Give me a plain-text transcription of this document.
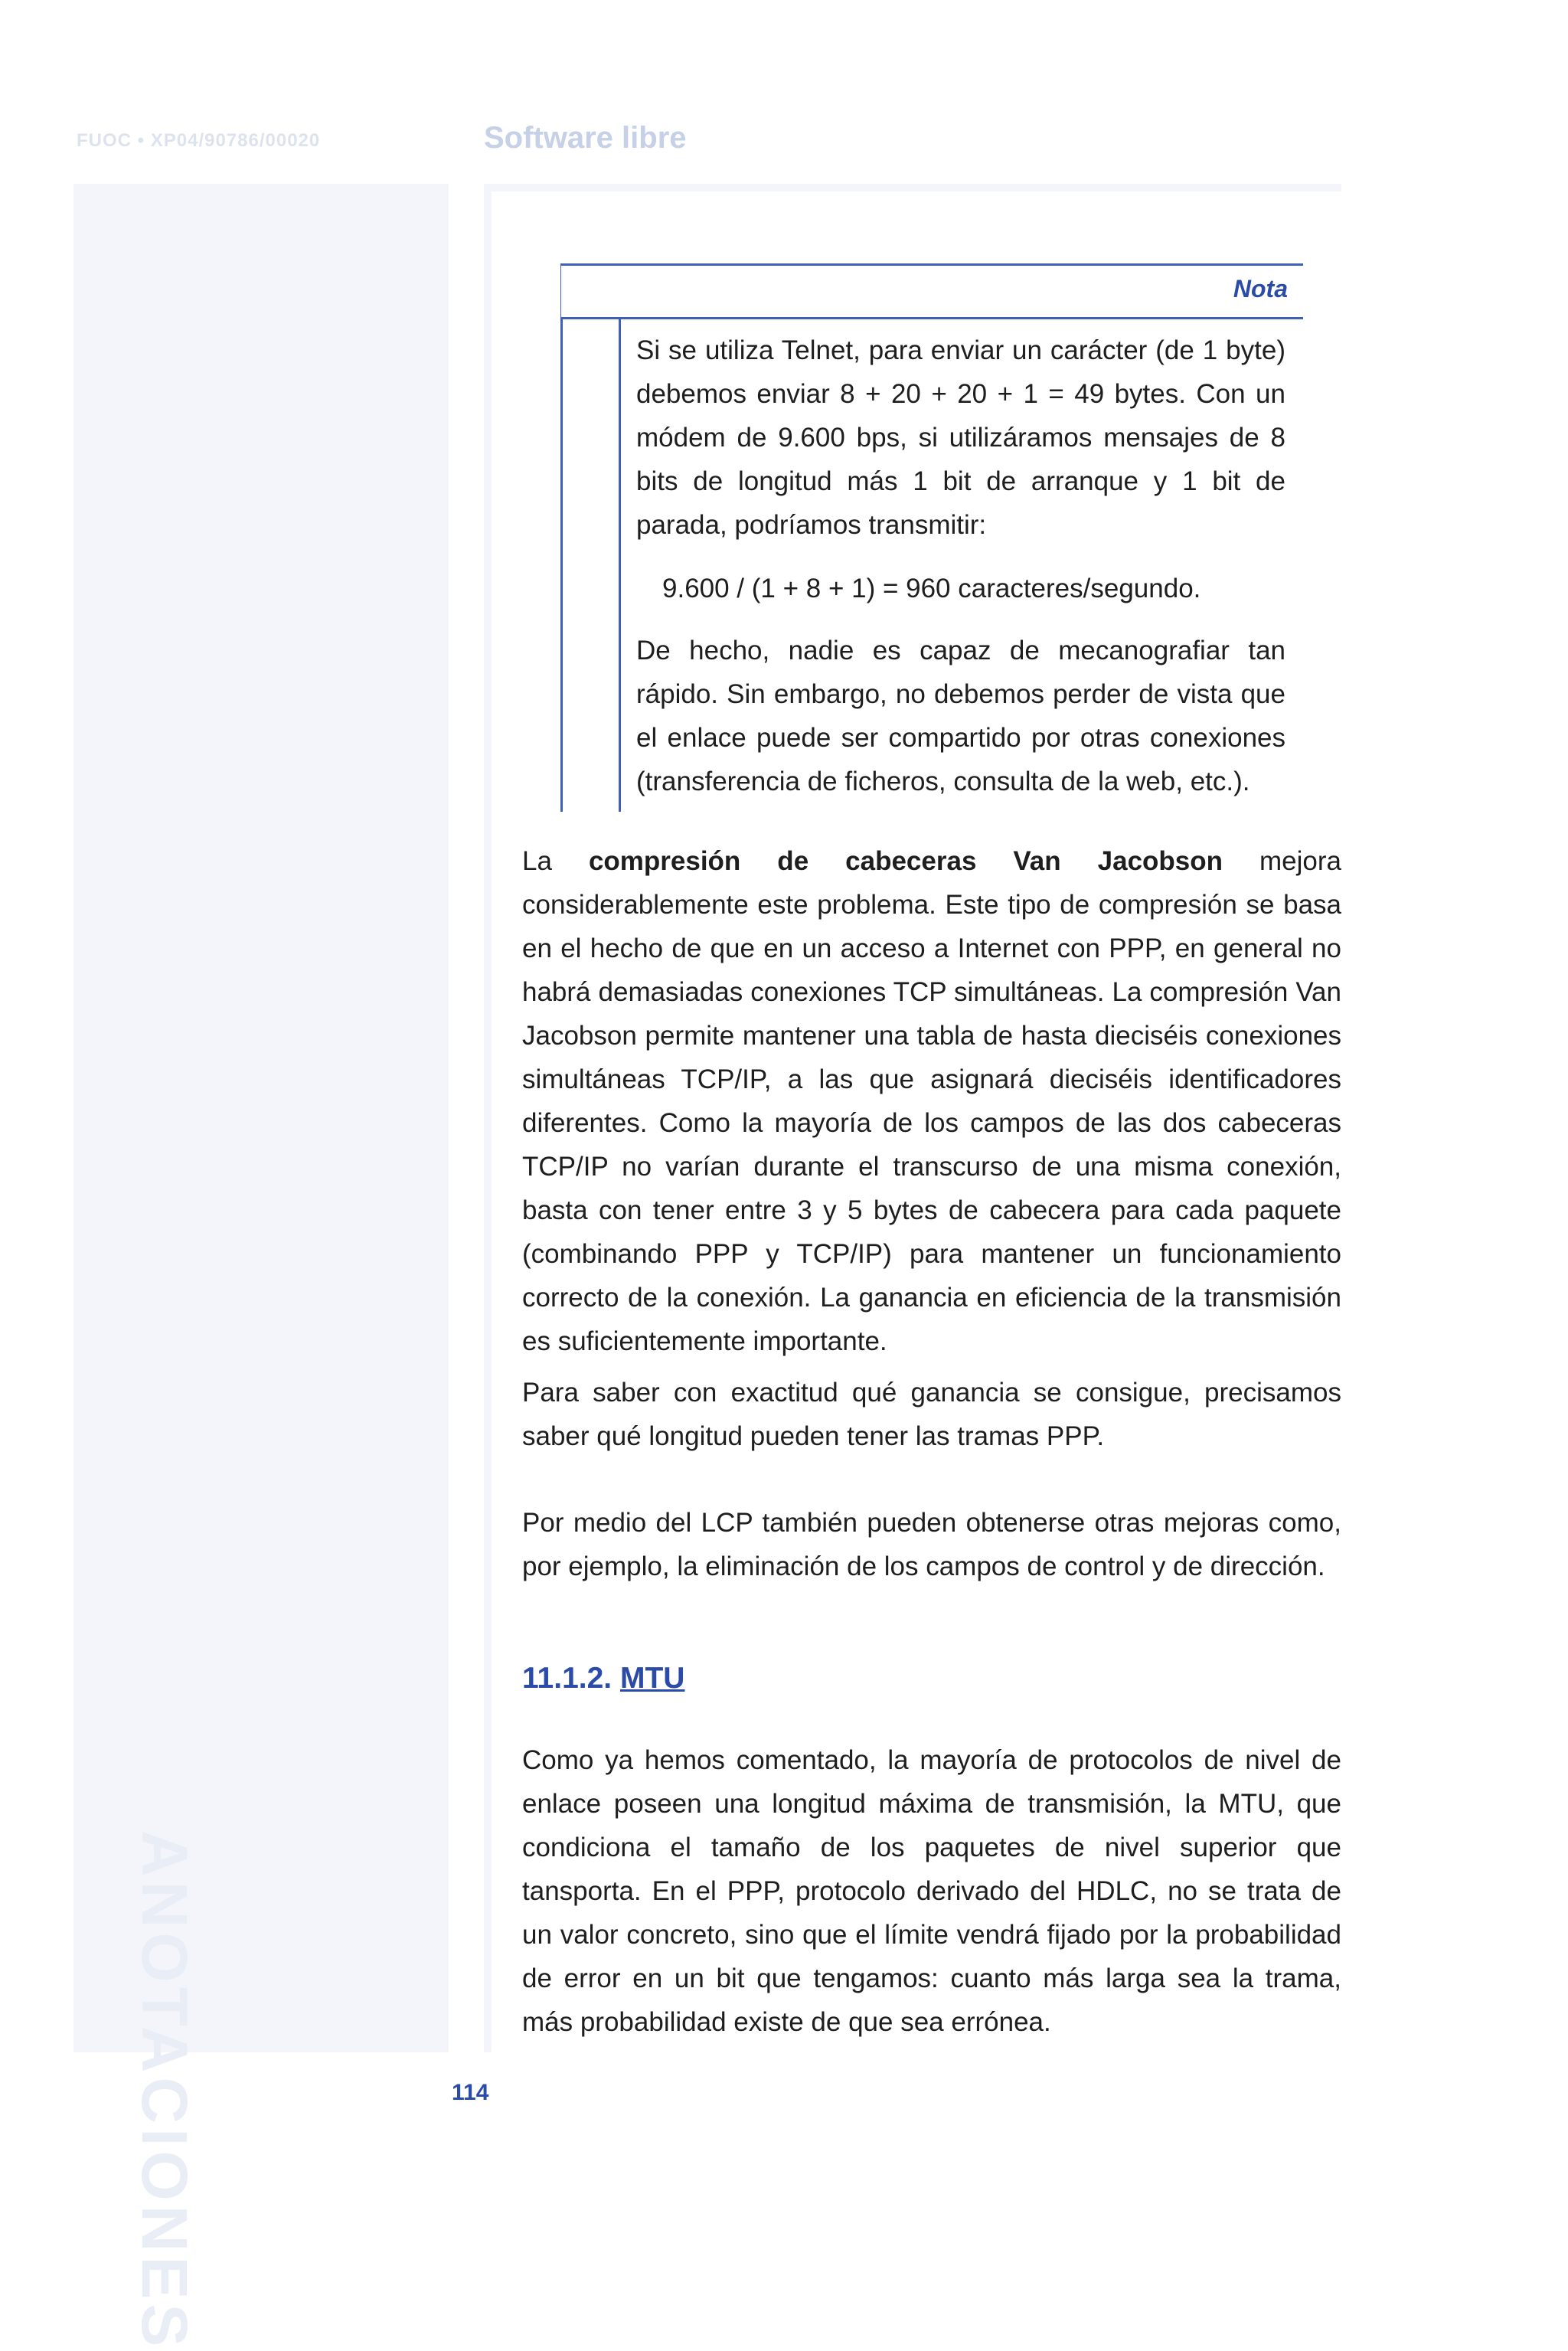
FUOC • XP04/90786/00020	Software libre
ANOTACIONES
Nota

Si se utiliza Telnet, para enviar un carácter (de 1 byte) debemos enviar 8 + 20 + 20 + 1 = 49 bytes. Con un módem de 9.600 bps, si utilizáramos mensajes de 8 bits de longitud más 1 bit de arranque y 1 bit de parada, podríamos transmitir:

9.600 / (1 + 8 + 1) = 960 caracteres/segundo.

De hecho, nadie es capaz de mecanografiar tan rápido. Sin embargo, no debemos perder de vista que el enlace puede ser compartido por otras conexiones (transferencia de ficheros, consulta de la web, etc.).

La compresión de cabeceras Van Jacobson mejora considerablemente este problema. Este tipo de compresión se basa en el hecho de que en un acceso a Internet con PPP, en general no habrá demasiadas conexiones TCP simultáneas. La compresión Van Jacobson permite mantener una tabla de hasta dieciséis conexiones simultáneas TCP/IP, a las que asignará dieciséis identificadores diferentes. Como la mayoría de los campos de las dos cabeceras TCP/IP no varían durante el transcurso de una misma conexión, basta con tener entre 3 y 5 bytes de cabecera para cada paquete (combinando PPP y TCP/IP) para mantener un funcionamiento correcto de la conexión. La ganancia en eficiencia de la transmisión es suficientemente importante.

Para saber con exactitud qué ganancia se consigue, precisamos saber qué longitud pueden tener las tramas PPP.

Por medio del LCP también pueden obtenerse otras mejoras como, por ejemplo, la eliminación de los campos de control y de dirección.

11.1.2. MTU

Como ya hemos comentado, la mayoría de protocolos de nivel de enlace poseen una longitud máxima de transmisión, la MTU, que condiciona el tamaño de los paquetes de nivel superior que tansporta. En el PPP, protocolo derivado del HDLC, no se trata de un valor concreto, sino que el límite vendrá fijado por la probabilidad de error en un bit que tengamos: cuanto más larga sea la trama, más probabilidad existe de que sea errónea.

114
